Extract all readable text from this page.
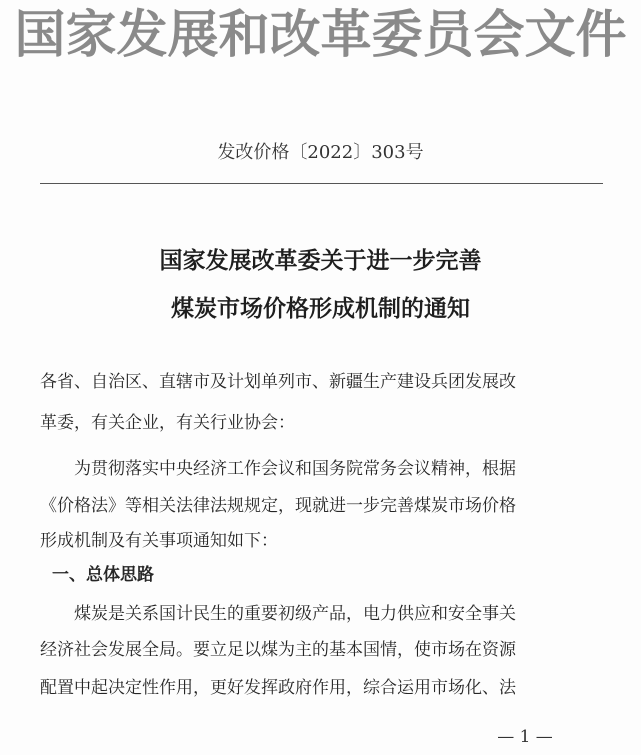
国家发展和改革委员会文件
发改价格〔2022〕303号
国家发展改革委关于进一步完善
煤炭市场价格形成机制的通知
各省、自治区、直辖市及计划单列市、新疆生产建设兵团发展改
革委，有关企业，有关行业协会：
为贯彻落实中央经济工作会议和国务院常务会议精神，根据
《价格法》等相关法律法规规定，现就进一步完善煤炭市场价格
形成机制及有关事项通知如下：
一、总体思路
煤炭是关系国计民生的重要初级产品，电力供应和安全事关
经济社会发展全局。要立足以煤为主的基本国情，使市场在资源
配置中起决定性作用，更好发挥政府作用，综合运用市场化、法
— 1 —
